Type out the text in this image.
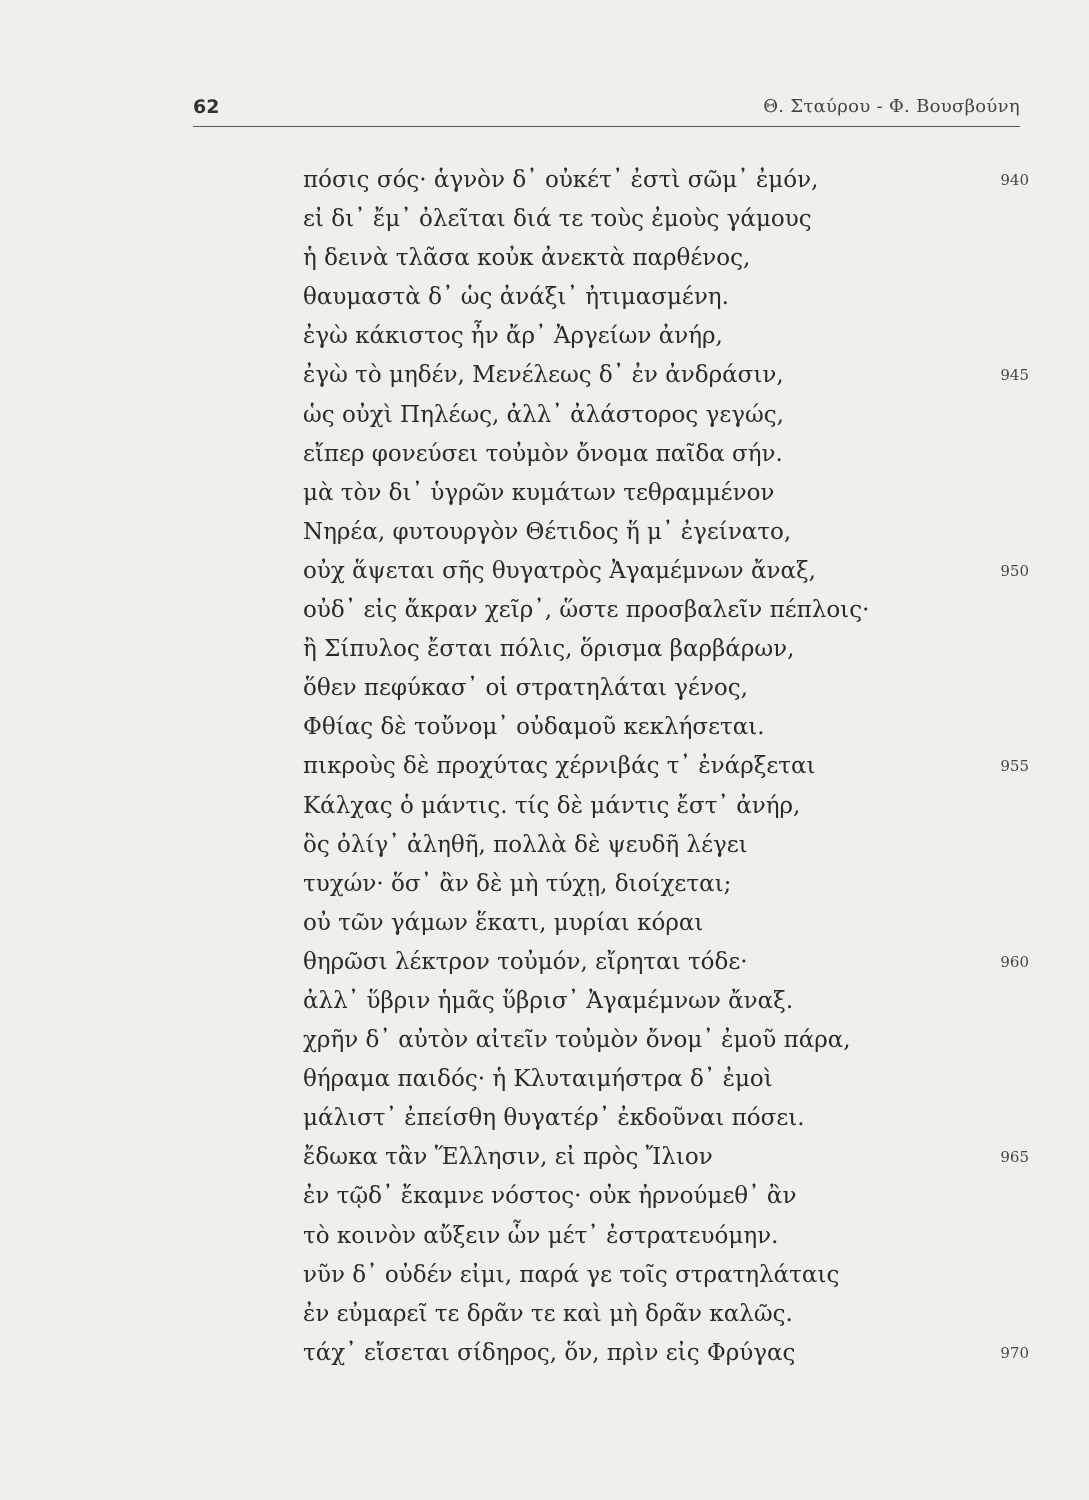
62	Θ. Σταύρου - Φ. Βουσβούνη
πόσις σός· ἁγνὸν δ᾽ οὐκέτ᾽ ἐστὶ σῶμ᾽ ἐμόν,	940
εἰ δι᾽ ἔμ᾽ ὀλεῖται διά τε τοὺς ἐμοὺς γάμους
ἡ δεινὰ τλᾶσα κοὐκ ἀνεκτὰ παρθένος,
θαυμαστὰ δ᾽ ὡς ἀνάξι᾽ ἠτιμασμένη.
ἐγὼ κάκιστος ἦν ἄρ᾽ Ἀργείων ἀνήρ,
ἐγὼ τὸ μηδέν, Μενέλεως δ᾽ ἐν ἀνδράσιν,	945
ὡς οὐχὶ Πηλέως, ἀλλ᾽ ἀλάστορος γεγώς,
εἴπερ φονεύσει τοὐμὸν ὄνομα παῖδα σήν.
μὰ τὸν δι᾽ ὑγρῶν κυμάτων τεθραμμένον
Νηρέα, φυτουργὸν Θέτιδος ἥ μ᾽ ἐγείνατο,
οὐχ ἅψεται σῆς θυγατρὸς Ἀγαμέμνων ἄναξ,	950
οὐδ᾽ εἰς ἄκραν χεῖρ᾽, ὥστε προσβαλεῖν πέπλοις·
ἢ Σίπυλος ἔσται πόλις, ὅρισμα βαρβάρων,
ὅθεν πεφύκασ᾽ οἱ στρατηλάται γένος,
Φθίας δὲ τοὔνομ᾽ οὐδαμοῦ κεκλήσεται.
πικροὺς δὲ προχύτας χέρνιβάς τ᾽ ἐνάρξεται	955
Κάλχας ὁ μάντις. τίς δὲ μάντις ἔστ᾽ ἀνήρ,
ὃς ὀλίγ᾽ ἀληθῆ, πολλὰ δὲ ψευδῆ λέγει
τυχών· ὅσ᾽ ἂν δὲ μὴ τύχῃ, διοίχεται;
οὐ τῶν γάμων ἕκατι, μυρίαι κόραι
θηρῶσι λέκτρον τοὐμόν, εἴρηται τόδε·	960
ἀλλ᾽ ὕβριν ἡμᾶς ὕβρισ᾽ Ἀγαμέμνων ἄναξ.
χρῆν δ᾽ αὐτὸν αἰτεῖν τοὐμὸν ὄνομ᾽ ἐμοῦ πάρα,
θήραμα παιδός· ἡ Κλυταιμήστρα δ᾽ ἐμοὶ
μάλιστ᾽ ἐπείσθη θυγατέρ᾽ ἐκδοῦναι πόσει.
ἔδωκα τἂν Ἕλλησιν, εἰ πρὸς Ἴλιον	965
ἐν τῷδ᾽ ἔκαμνε νόστος· οὐκ ἠρνούμεθ᾽ ἂν
τὸ κοινὸν αὔξειν ὧν μέτ᾽ ἐστρατευόμην.
νῦν δ᾽ οὐδέν εἰμι, παρά γε τοῖς στρατηλάταις
ἐν εὐμαρεῖ τε δρᾶν τε καὶ μὴ δρᾶν καλῶς.
τάχ᾽ εἴσεται σίδηρος, ὅν, πρὶν εἰς Φρύγας	970
